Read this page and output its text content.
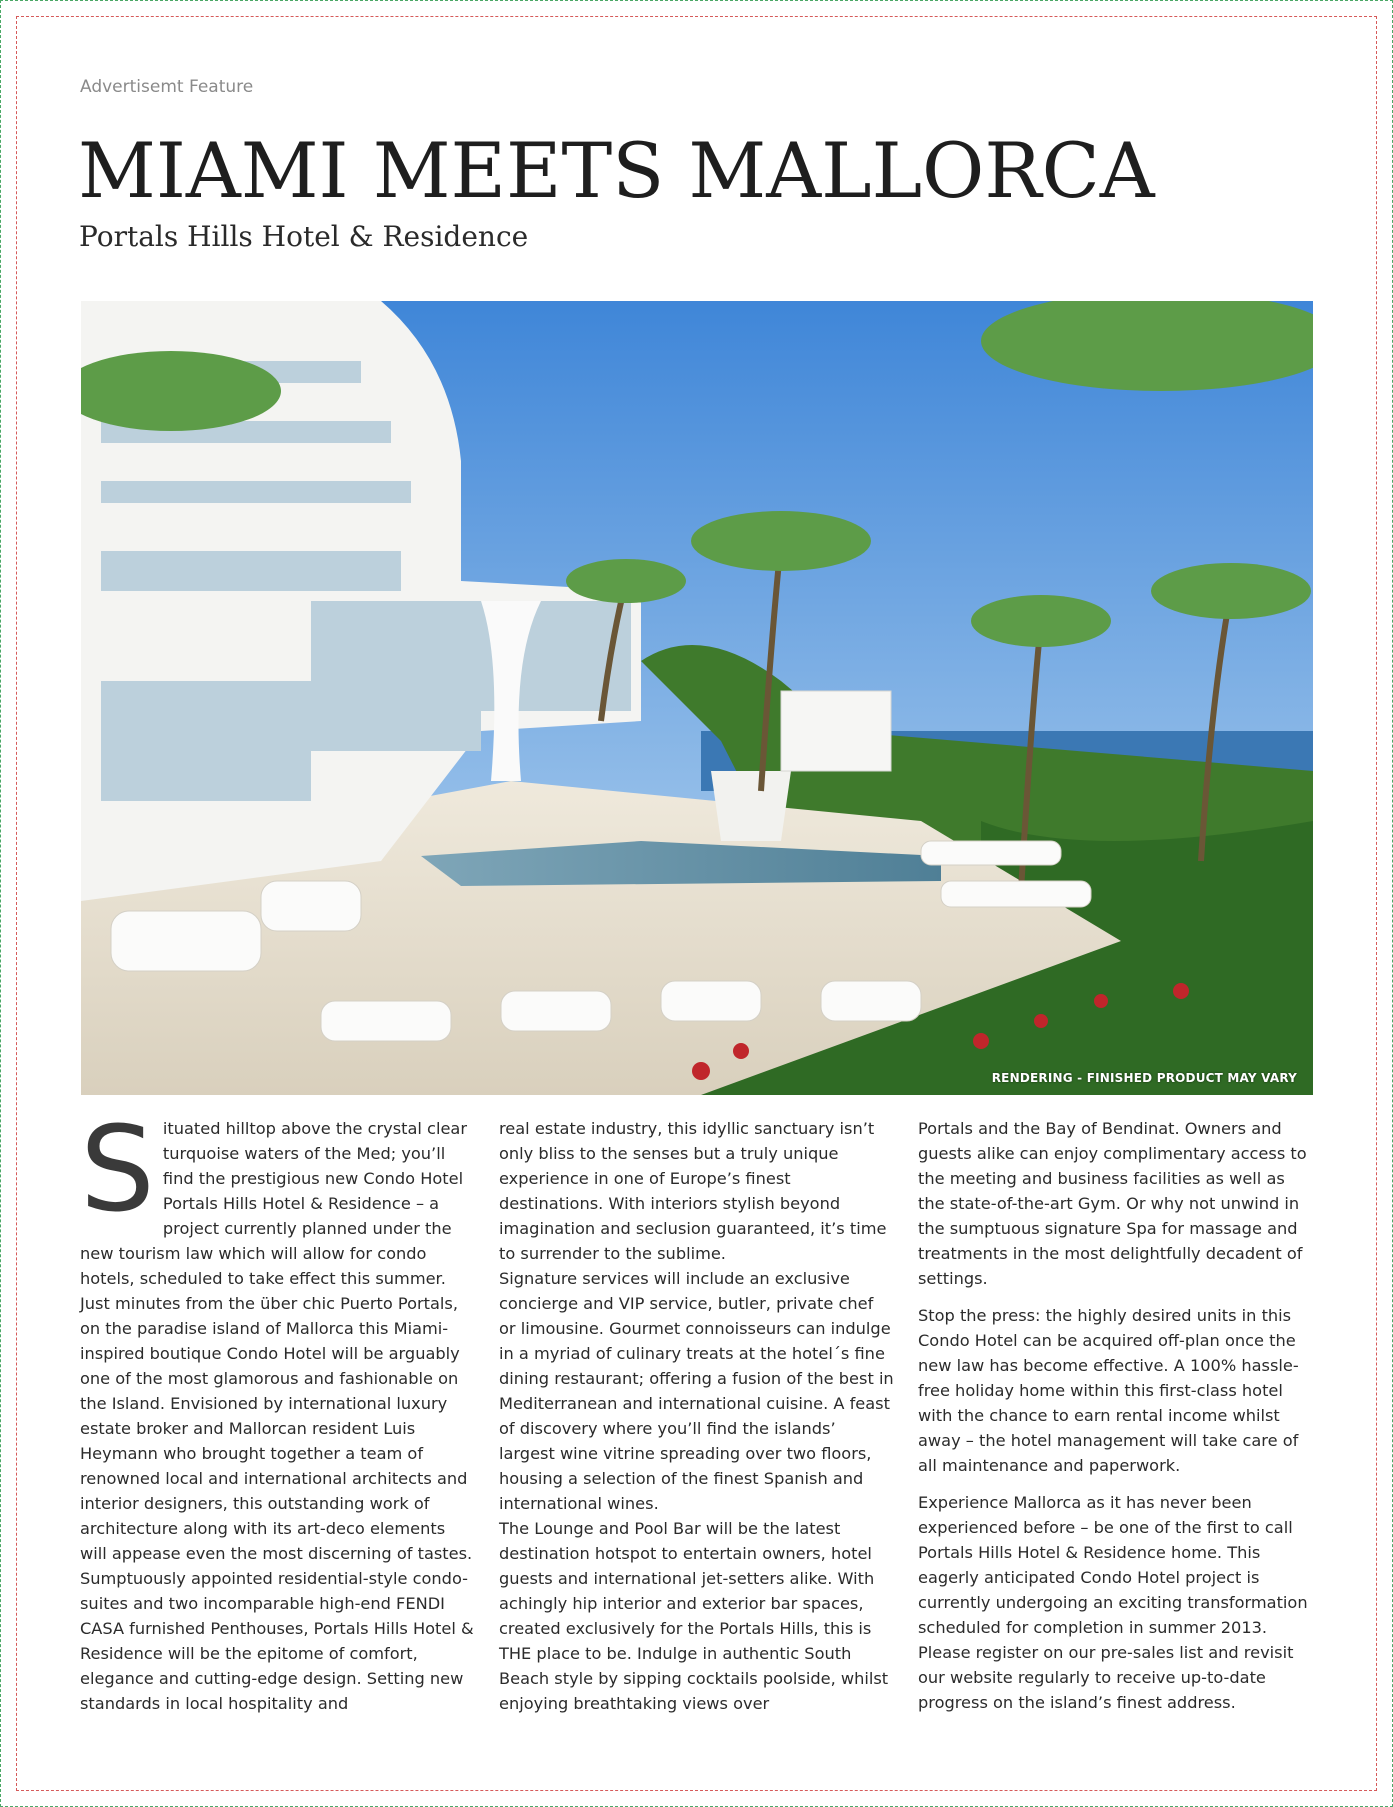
Advertisemt Feature
MIAMI MEETS MALLORCA
Portals Hills Hotel & Residence
RENDERING - FINISHED PRODUCT MAY VARY
S ituated hilltop above the crystal clear turquoise waters of the Med; you’ll find the prestigious new Condo Hotel Portals Hills Hotel & Residence – a project currently planned under the new tourism law which will allow for condo hotels, scheduled to take effect this summer. Just minutes from the über chic Puerto Portals, on the paradise island of Mallorca this Miami-inspired boutique Condo Hotel will be arguably one of the most glamorous and fashionable on the Island. Envisioned by international luxury estate broker and Mallorcan resident Luis Heymann who brought together a team of renowned local and international architects and interior designers, this outstanding work of architecture along with its art-deco elements will appease even the most discerning of tastes. Sumptuously appointed residential-style condo-suites and two incomparable high-end FENDI CASA furnished Penthouses, Portals Hills Hotel & Residence will be the epitome of comfort, elegance and cutting-edge design. Setting new standards in local hospitality and

real estate industry, this idyllic sanctuary isn’t only bliss to the senses but a truly unique experience in one of Europe’s finest destinations. With interiors stylish beyond imagination and seclusion guaranteed, it’s time to surrender to the sublime.

Signature services will include an exclusive concierge and VIP service, butler, private chef or limousine. Gourmet connoisseurs can indulge in a myriad of culinary treats at the hotel´s fine dining restaurant; offering a fusion of the best in Mediterranean and international cuisine. A feast of discovery where you’ll find the islands’ largest wine vitrine spreading over two floors, housing a selection of the finest Spanish and international wines.

The Lounge and Pool Bar will be the latest destination hotspot to entertain owners, hotel guests and international jet-setters alike. With achingly hip interior and exterior bar spaces, created exclusively for the Portals Hills, this is THE place to be. Indulge in authentic South Beach style by sipping cocktails poolside, whilst enjoying breathtaking views over

Portals and the Bay of Bendinat. Owners and guests alike can enjoy complimentary access to the meeting and business facilities as well as the state-of-the-art Gym. Or why not unwind in the sumptuous signature Spa for massage and treatments in the most delightfully decadent of settings.

Stop the press: the highly desired units in this Condo Hotel can be acquired off-plan once the new law has become effective. A 100% hassle-free holiday home within this first-class hotel with the chance to earn rental income whilst away – the hotel management will take care of all maintenance and paperwork.

Experience Mallorca as it has never been experienced before – be one of the first to call Portals Hills Hotel & Residence home. This eagerly anticipated Condo Hotel project is currently undergoing an exciting transformation scheduled for completion in summer 2013. Please register on our pre-sales list and revisit our website regularly to receive up-to-date progress on the island’s finest address.
